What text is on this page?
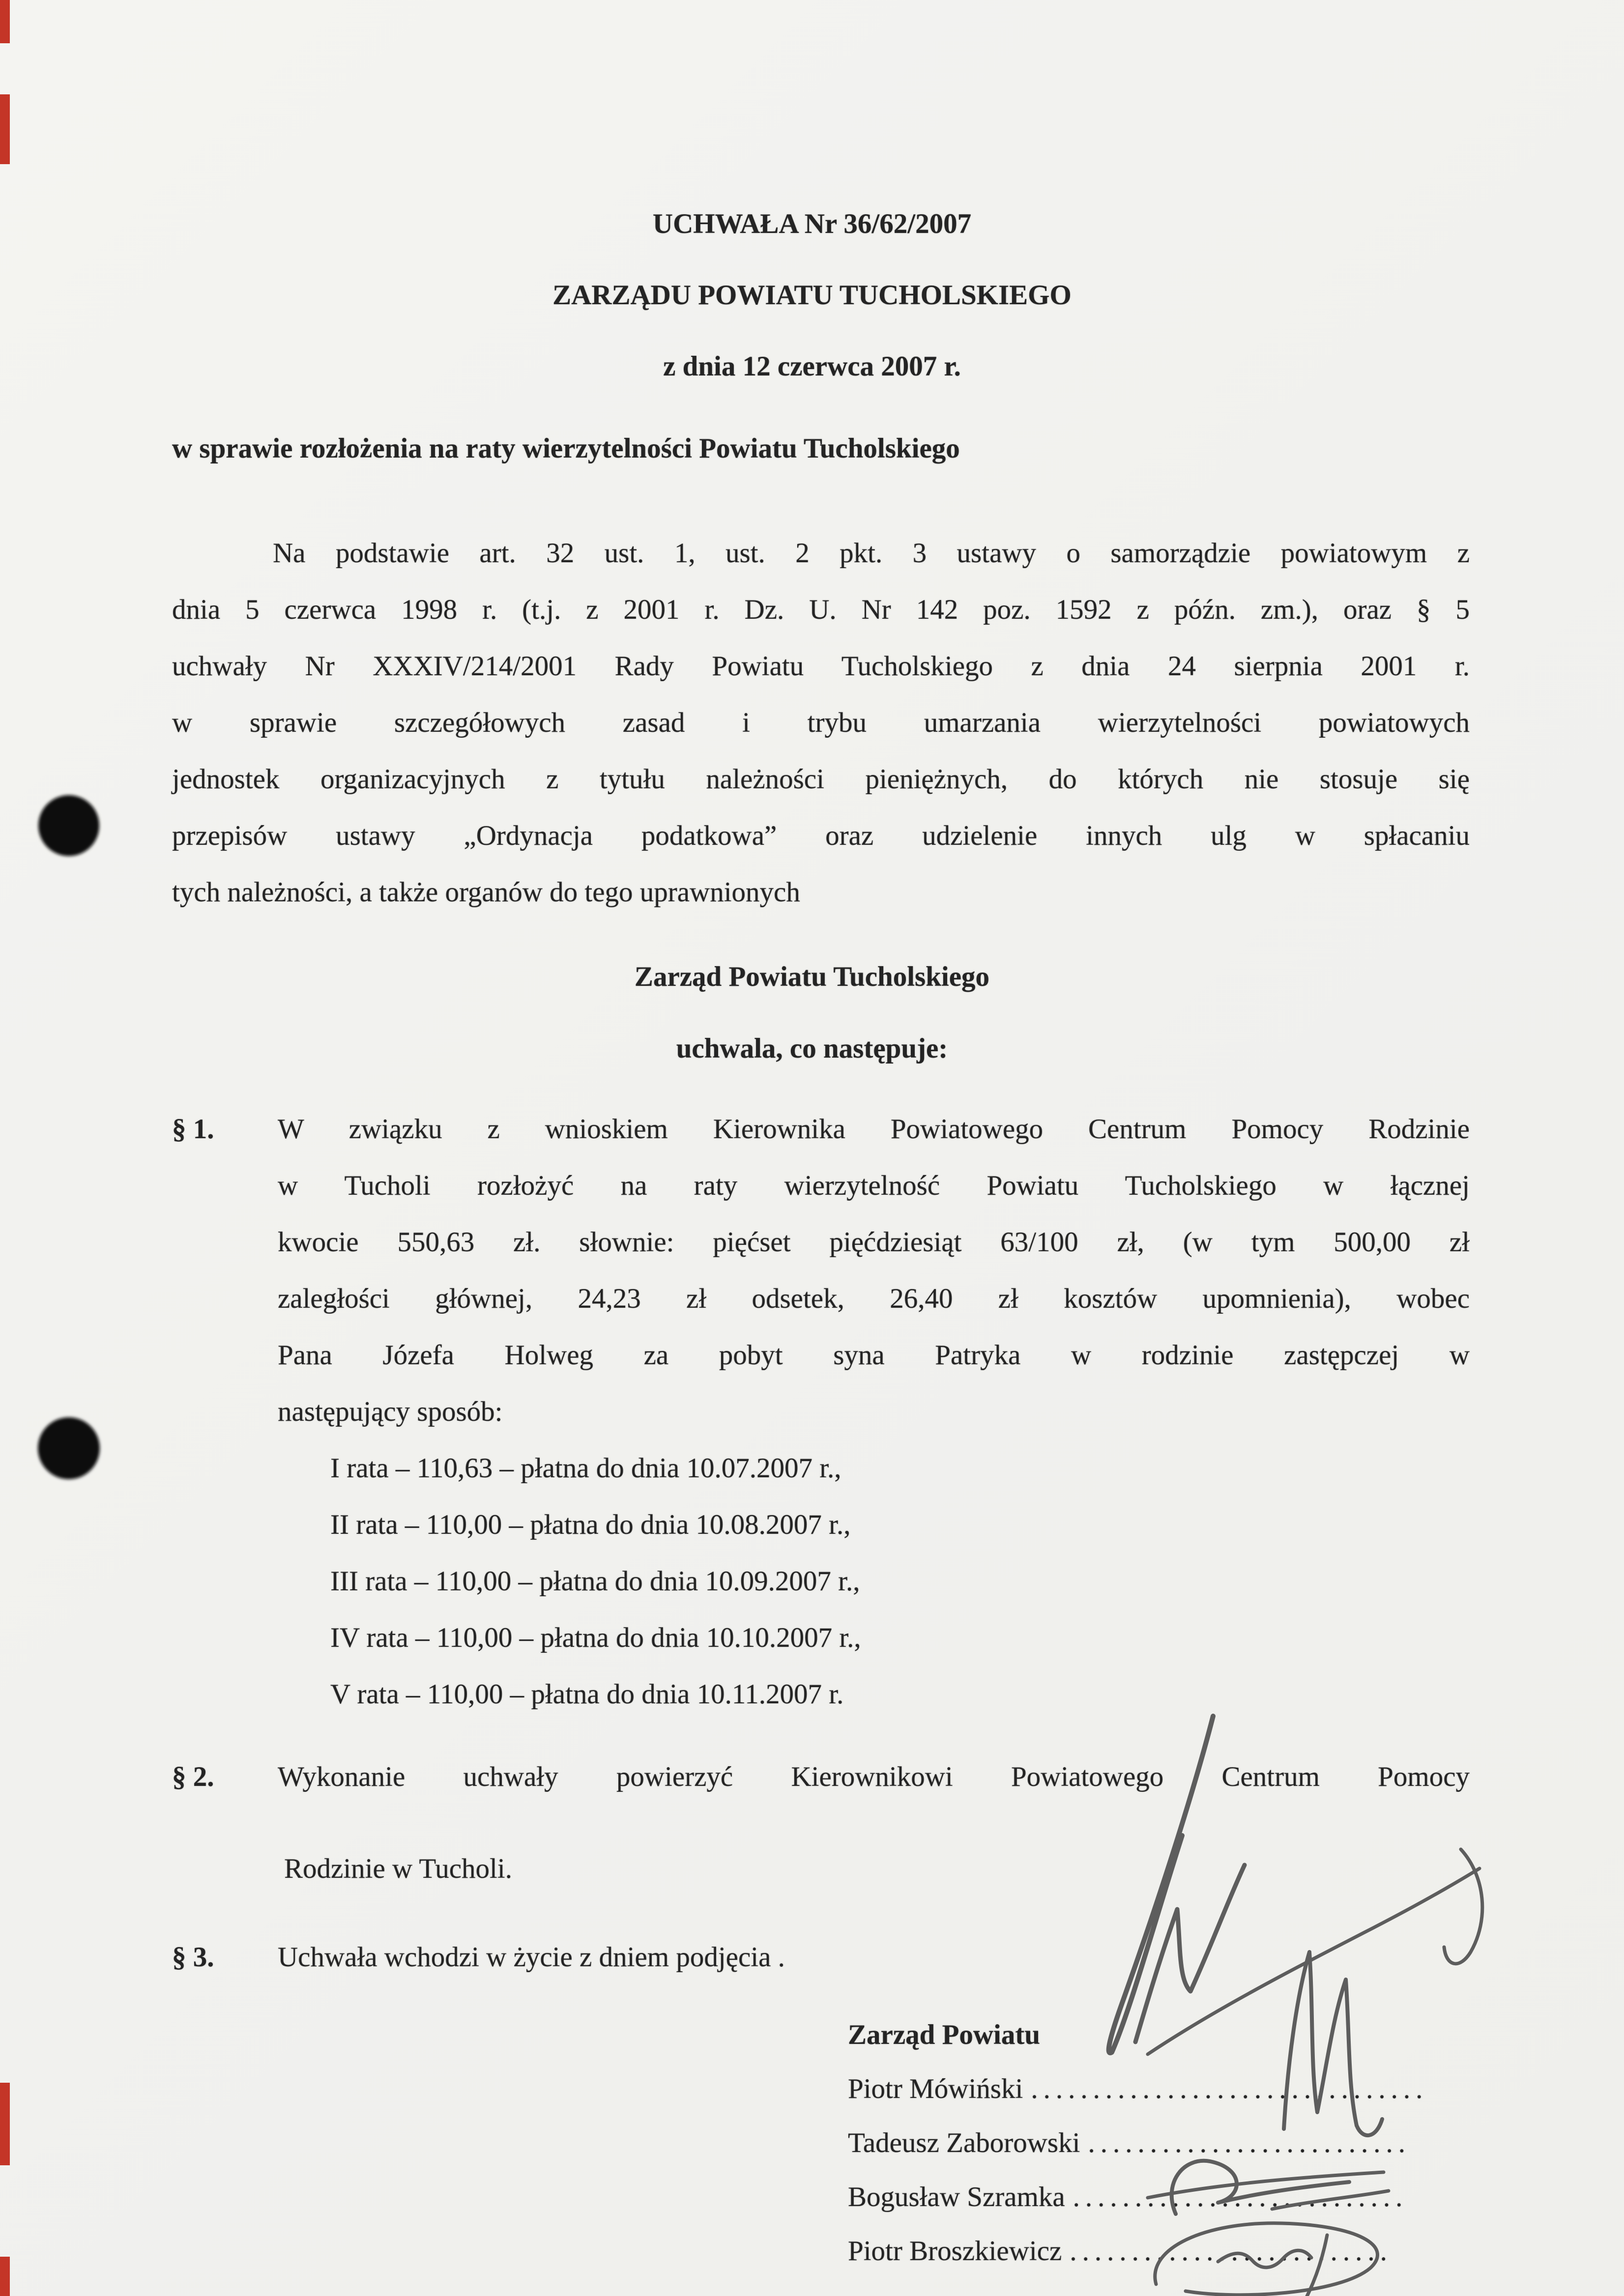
UCHWAŁA Nr 36/62/2007
ZARZĄDU POWIATU TUCHOLSKIEGO
z dnia 12 czerwca 2007 r.
w sprawie rozłożenia na raty wierzytelności Powiatu Tucholskiego
Na podstawie art. 32 ust. 1, ust. 2 pkt. 3 ustawy o samorządzie powiatowym z
dnia 5 czerwca 1998 r. (t.j. z 2001 r. Dz. U. Nr 142 poz. 1592 z późn. zm.), oraz § 5
uchwały Nr XXXIV/214/2001 Rady Powiatu Tucholskiego z dnia 24 sierpnia 2001 r.
w sprawie szczegółowych zasad i trybu umarzania wierzytelności powiatowych
jednostek organizacyjnych z tytułu należności pieniężnych, do których nie stosuje się
przepisów ustawy „Ordynacja podatkowa” oraz udzielenie innych ulg w spłacaniu
tych należności, a także organów do tego uprawnionych
Zarząd Powiatu Tucholskiego
uchwala, co następuje:
§ 1. W związku z wnioskiem Kierownika Powiatowego Centrum Pomocy Rodzinie
w Tucholi rozłożyć na raty wierzytelność Powiatu Tucholskiego w łącznej
kwocie 550,63 zł. słownie: pięćset pięćdziesiąt 63/100 zł, (w tym 500,00 zł
zaległości głównej, 24,23 zł odsetek, 26,40 zł kosztów upomnienia), wobec
Pana Józefa Holweg za pobyt syna Patryka w rodzinie zastępczej w
następujący sposób:
I rata – 110,63 – płatna do dnia 10.07.2007 r.,
II rata – 110,00 – płatna do dnia 10.08.2007 r.,
III rata – 110,00 – płatna do dnia 10.09.2007 r.,
IV rata – 110,00 – płatna do dnia 10.10.2007 r.,
V rata – 110,00 – płatna do dnia 10.11.2007 r.
§ 2. Wykonanie uchwały powierzyć Kierownikowi Powiatowego Centrum Pomocy
Rodzinie w Tucholi.
§ 3. Uchwała wchodzi w życie z dniem podjęcia .
Zarząd Powiatu
Piotr Mówiński ................................
Tadeusz Zaborowski ..........................
Bogusław Szramka ...........................
Piotr Broszkiewicz ..........................
